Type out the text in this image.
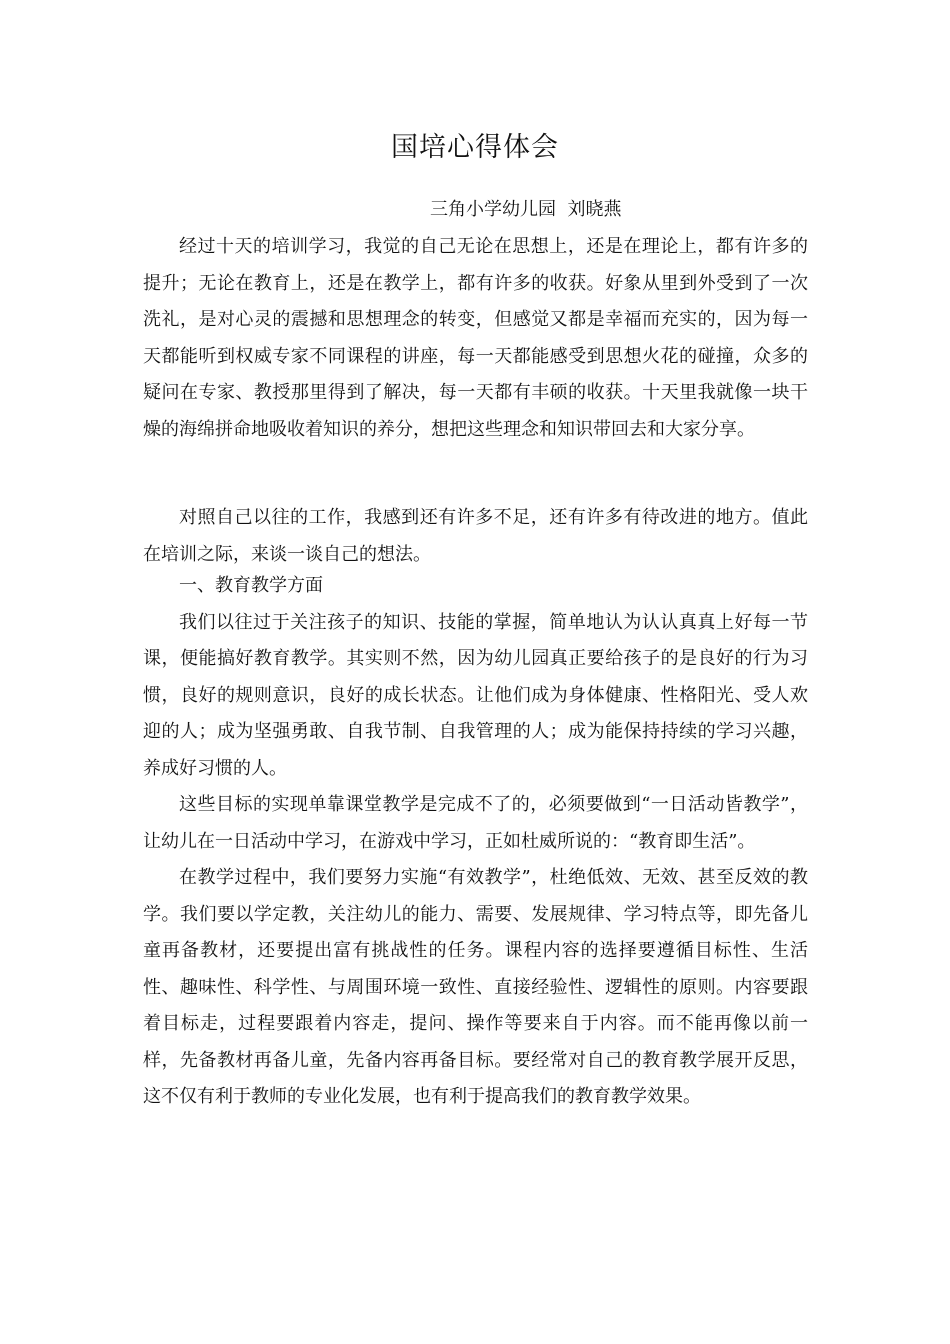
国培心得体会
三角小学幼儿园  刘晓燕

经过十天的培训学习，我觉的自己无论在思想上，还是在理论上，都有许多的提升；无论在教育上，还是在教学上，都有许多的收获。好象从里到外受到了一次洗礼，是对心灵的震撼和思想理念的转变，但感觉又都是幸福而充实的，因为每一天都能听到权威专家不同课程的讲座，每一天都能感受到思想火花的碰撞，众多的疑问在专家、教授那里得到了解决，每一天都有丰硕的收获。十天里我就像一块干燥的海绵拼命地吸收着知识的养分，想把这些理念和知识带回去和大家分享。

对照自己以往的工作，我感到还有许多不足，还有许多有待改进的地方。值此在培训之际，来谈一谈自己的想法。

一、教育教学方面

我们以往过于关注孩子的知识、技能的掌握，简单地认为认认真真上好每一节课，便能搞好教育教学。其实则不然，因为幼儿园真正要给孩子的是良好的行为习惯，良好的规则意识，良好的成长状态。让他们成为身体健康、性格阳光、受人欢迎的人；成为坚强勇敢、自我节制、自我管理的人；成为能保持持续的学习兴趣，养成好习惯的人。

这些目标的实现单靠课堂教学是完成不了的，必须要做到“一日活动皆教学”，让幼儿在一日活动中学习，在游戏中学习，正如杜威所说的：“教育即生活”。

在教学过程中，我们要努力实施“有效教学”，杜绝低效、无效、甚至反效的教学。我们要以学定教，关注幼儿的能力、需要、发展规律、学习特点等，即先备儿童再备教材，还要提出富有挑战性的任务。课程内容的选择要遵循目标性、生活性、趣味性、科学性、与周围环境一致性、直接经验性、逻辑性的原则。内容要跟着目标走，过程要跟着内容走，提问、操作等要来自于内容。而不能再像以前一样，先备教材再备儿童，先备内容再备目标。要经常对自己的教育教学展开反思，这不仅有利于教师的专业化发展，也有利于提高我们的教育教学效果。
